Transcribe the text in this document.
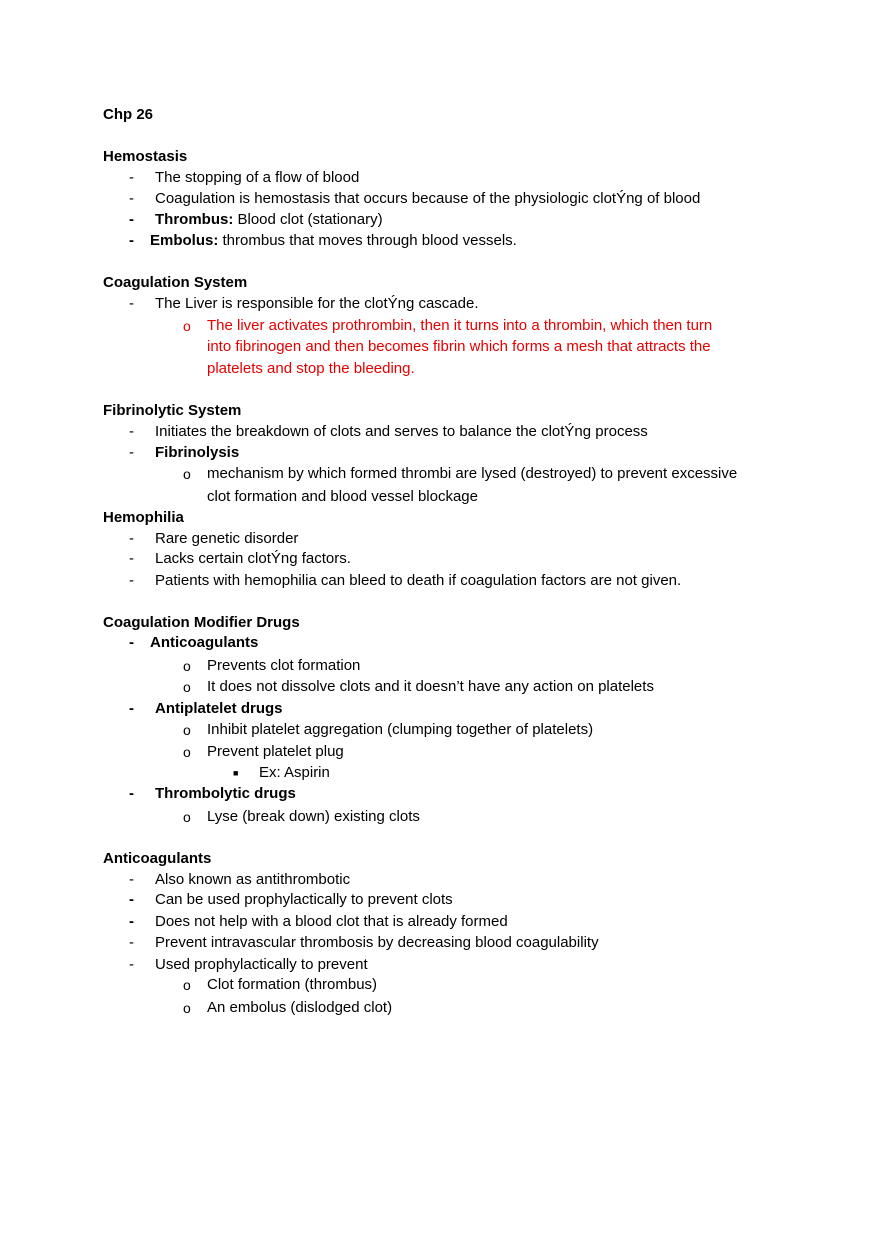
Chp 26
Hemostasis
- The stopping of a flow of blood
- Coagulation is hemostasis that occurs because of the physiologic clotÝng of blood
- Thrombus: Blood clot (stationary)
- Embolus: thrombus that moves through blood vessels.
Coagulation System
- The Liver is responsible for the clotÝng cascade.
o The liver activates prothrombin, then it turns into a thrombin, which then turn
into fibrinogen and then becomes fibrin which forms a mesh that attracts the
platelets and stop the bleeding.
Fibrinolytic System
- Initiates the breakdown of clots and serves to balance the clotÝng process
- Fibrinolysis
o mechanism by which formed thrombi are lysed (destroyed) to prevent excessive
clot formation and blood vessel blockage
Hemophilia
- Rare genetic disorder
- Lacks certain clotÝng factors.
- Patients with hemophilia can bleed to death if coagulation factors are not given.
Coagulation Modifier Drugs
- Anticoagulants
o Prevents clot formation
o It does not dissolve clots and it doesn’t have any action on platelets
- Antiplatelet drugs
o Inhibit platelet aggregation (clumping together of platelets)
o Prevent platelet plug
■ Ex: Aspirin
- Thrombolytic drugs
o Lyse (break down) existing clots
Anticoagulants
- Also known as antithrombotic
- Can be used prophylactically to prevent clots
- Does not help with a blood clot that is already formed
- Prevent intravascular thrombosis by decreasing blood coagulability
- Used prophylactically to prevent
o Clot formation (thrombus)
o An embolus (dislodged clot)
